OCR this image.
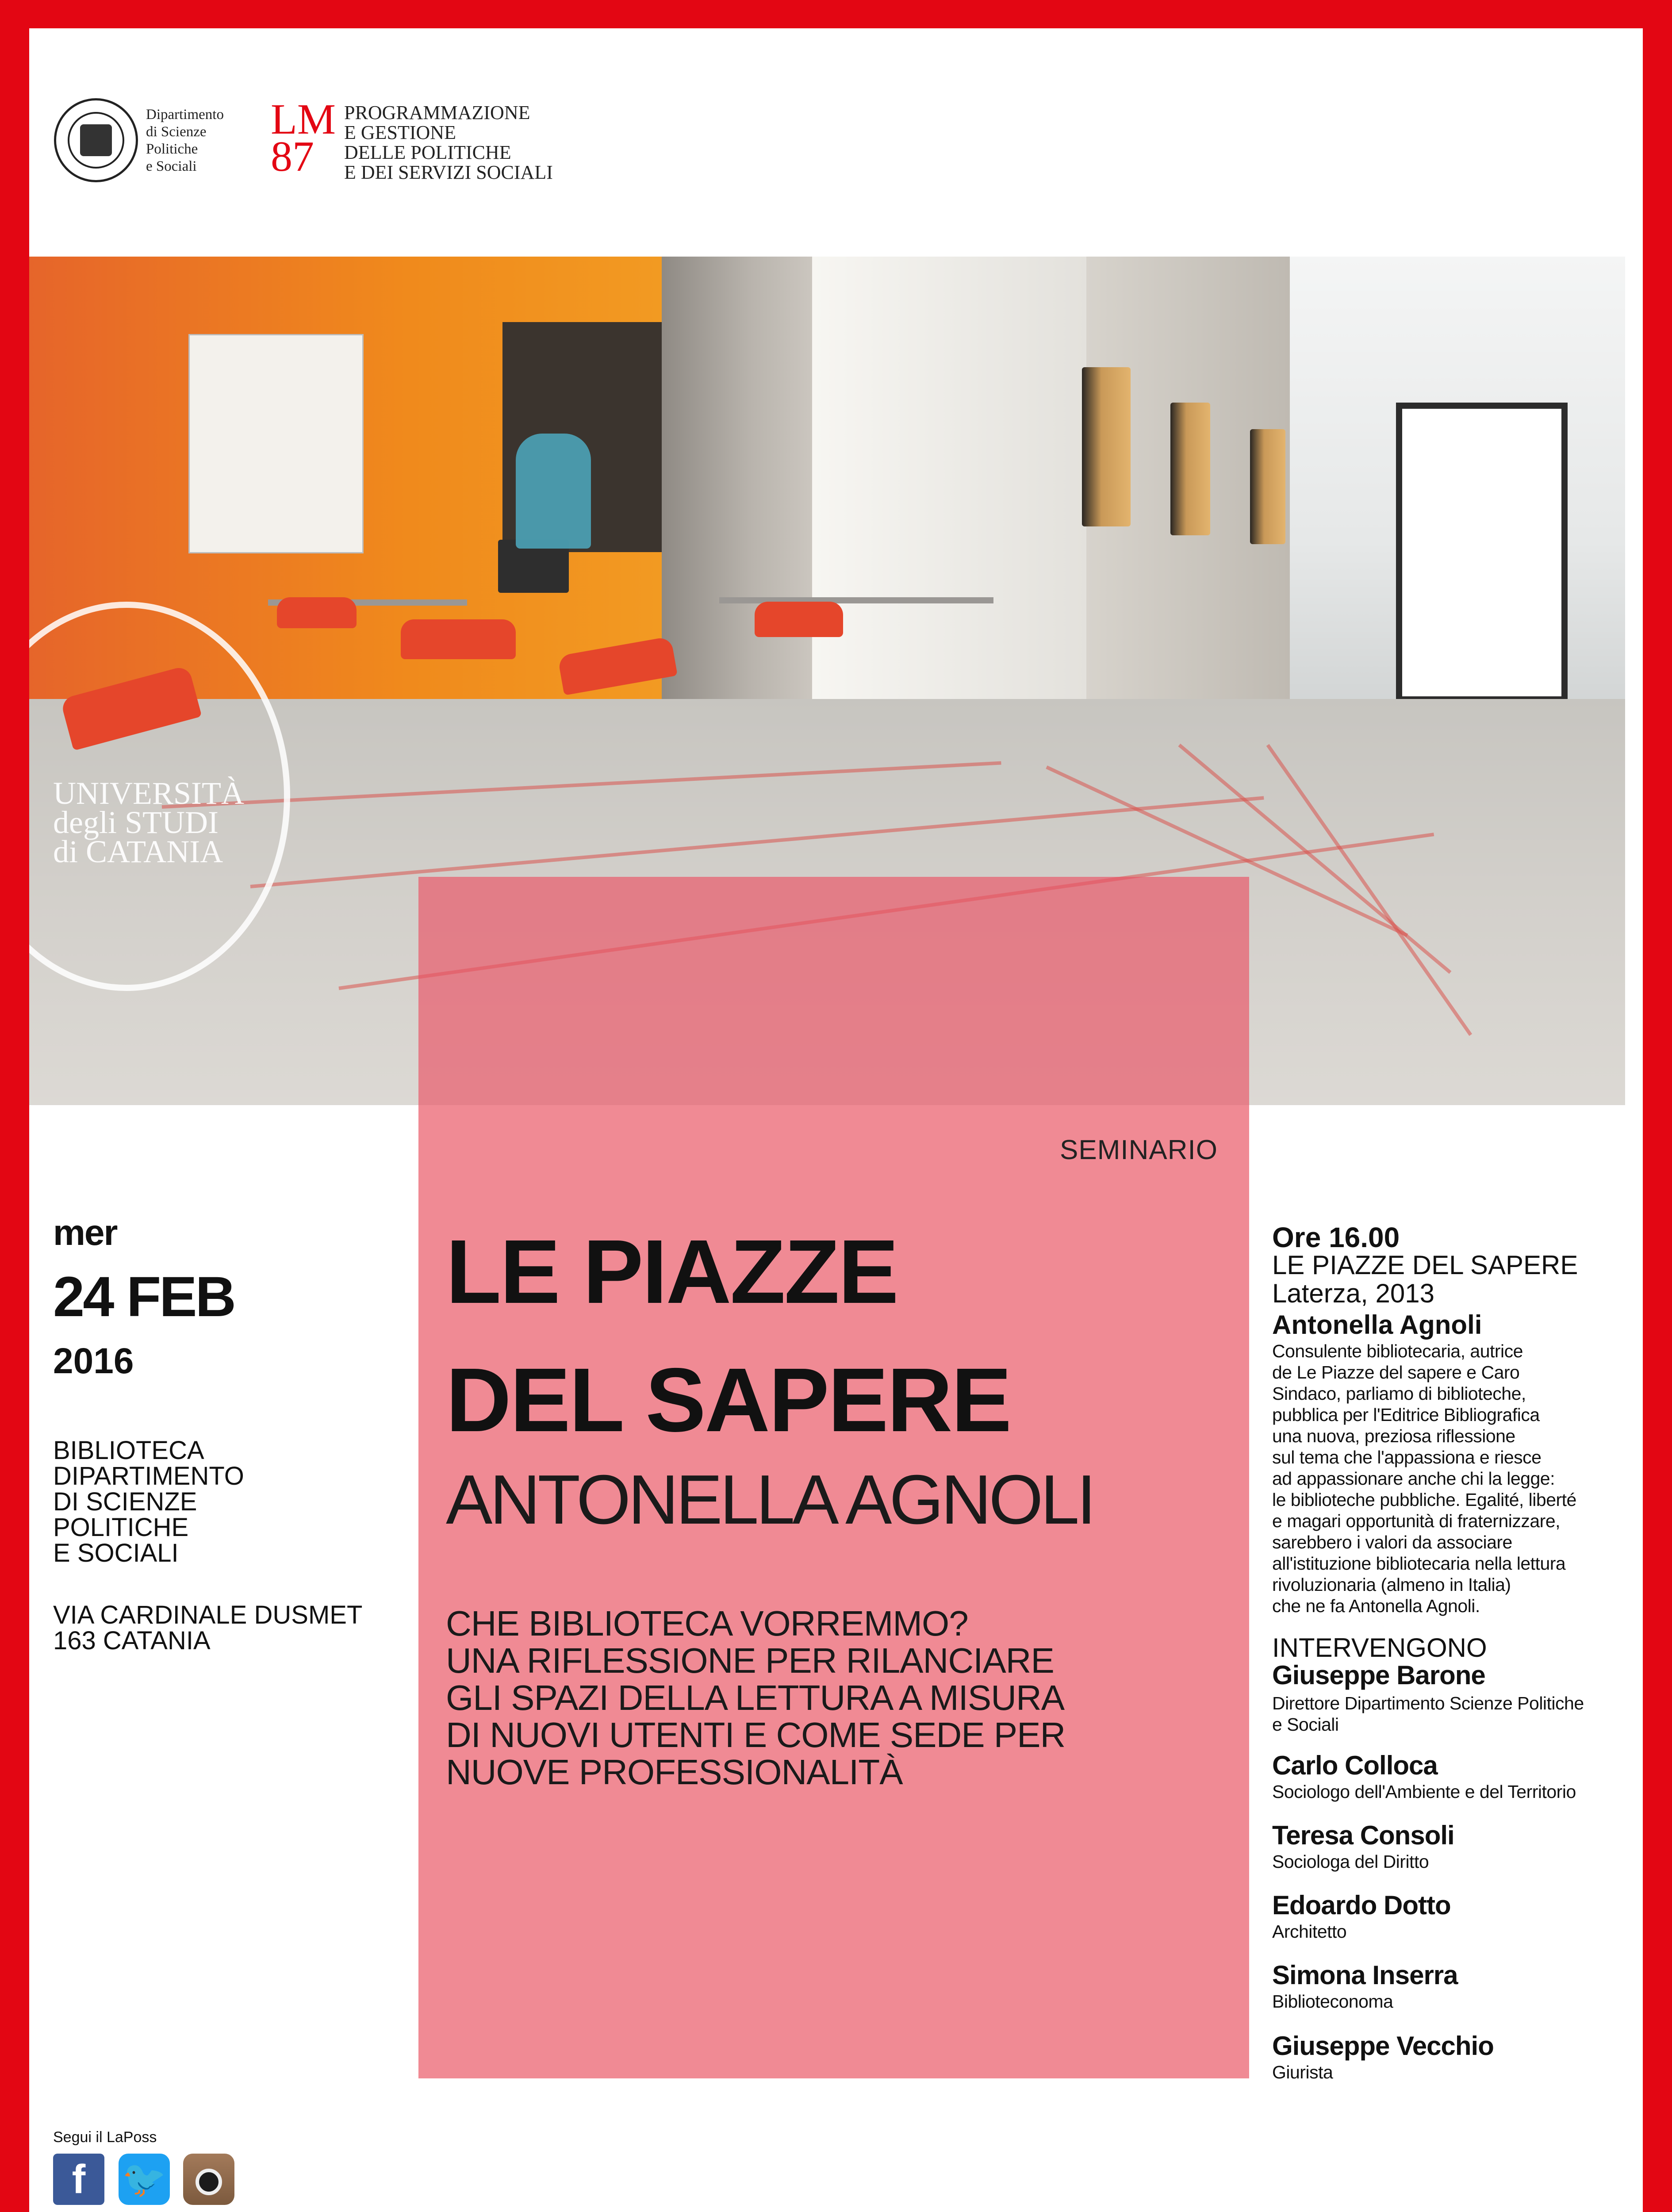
Dipartimento
di Scienze
Politiche
e Sociali
LM
87
PROGRAMMAZIONE
E GESTIONE
DELLE POLITICHE
E DEI SERVIZI SOCIALI
UNIVERSITÀ
degli STUDI
di CATANIA
SEMINARIO
LE PIAZZE
DEL SAPERE
ANTONELLA AGNOLI
CHE BIBLIOTECA VORREMMO?
UNA RIFLESSIONE PER RILANCIARE
GLI SPAZI DELLA LETTURA A MISURA
DI NUOVI UTENTI E COME SEDE PER
NUOVE PROFESSIONALITÀ
mer
24 FEB
2016
BIBLIOTECA
DIPARTIMENTO
DI SCIENZE
POLITICHE
E SOCIALI
VIA CARDINALE DUSMET
163 CATANIA
Segui il LaPoss
f	🐦
Ore 16.00
LE PIAZZE DEL SAPERE
Laterza, 2013
Antonella Agnoli
Consulente bibliotecaria, autrice
de Le Piazze del sapere e Caro
Sindaco, parliamo di biblioteche,
pubblica per l'Editrice Bibliografica
una nuova, preziosa riflessione
sul tema che l'appassiona e riesce
ad appassionare anche chi la legge:
le biblioteche pubbliche. Egalité, liberté
e magari opportunità di fraternizzare,
sarebbero i valori da associare
all'istituzione bibliotecaria nella lettura
rivoluzionaria (almeno in Italia)
che ne fa Antonella Agnoli.
INTERVENGONO
Giuseppe Barone
Direttore Dipartimento Scienze Politiche
e Sociali
Carlo Colloca
Sociologo dell'Ambiente e del Territorio
Teresa Consoli
Sociologa del Diritto
Edoardo Dotto
Architetto
Simona Inserra
Biblioteconoma
Giuseppe Vecchio
Giurista
